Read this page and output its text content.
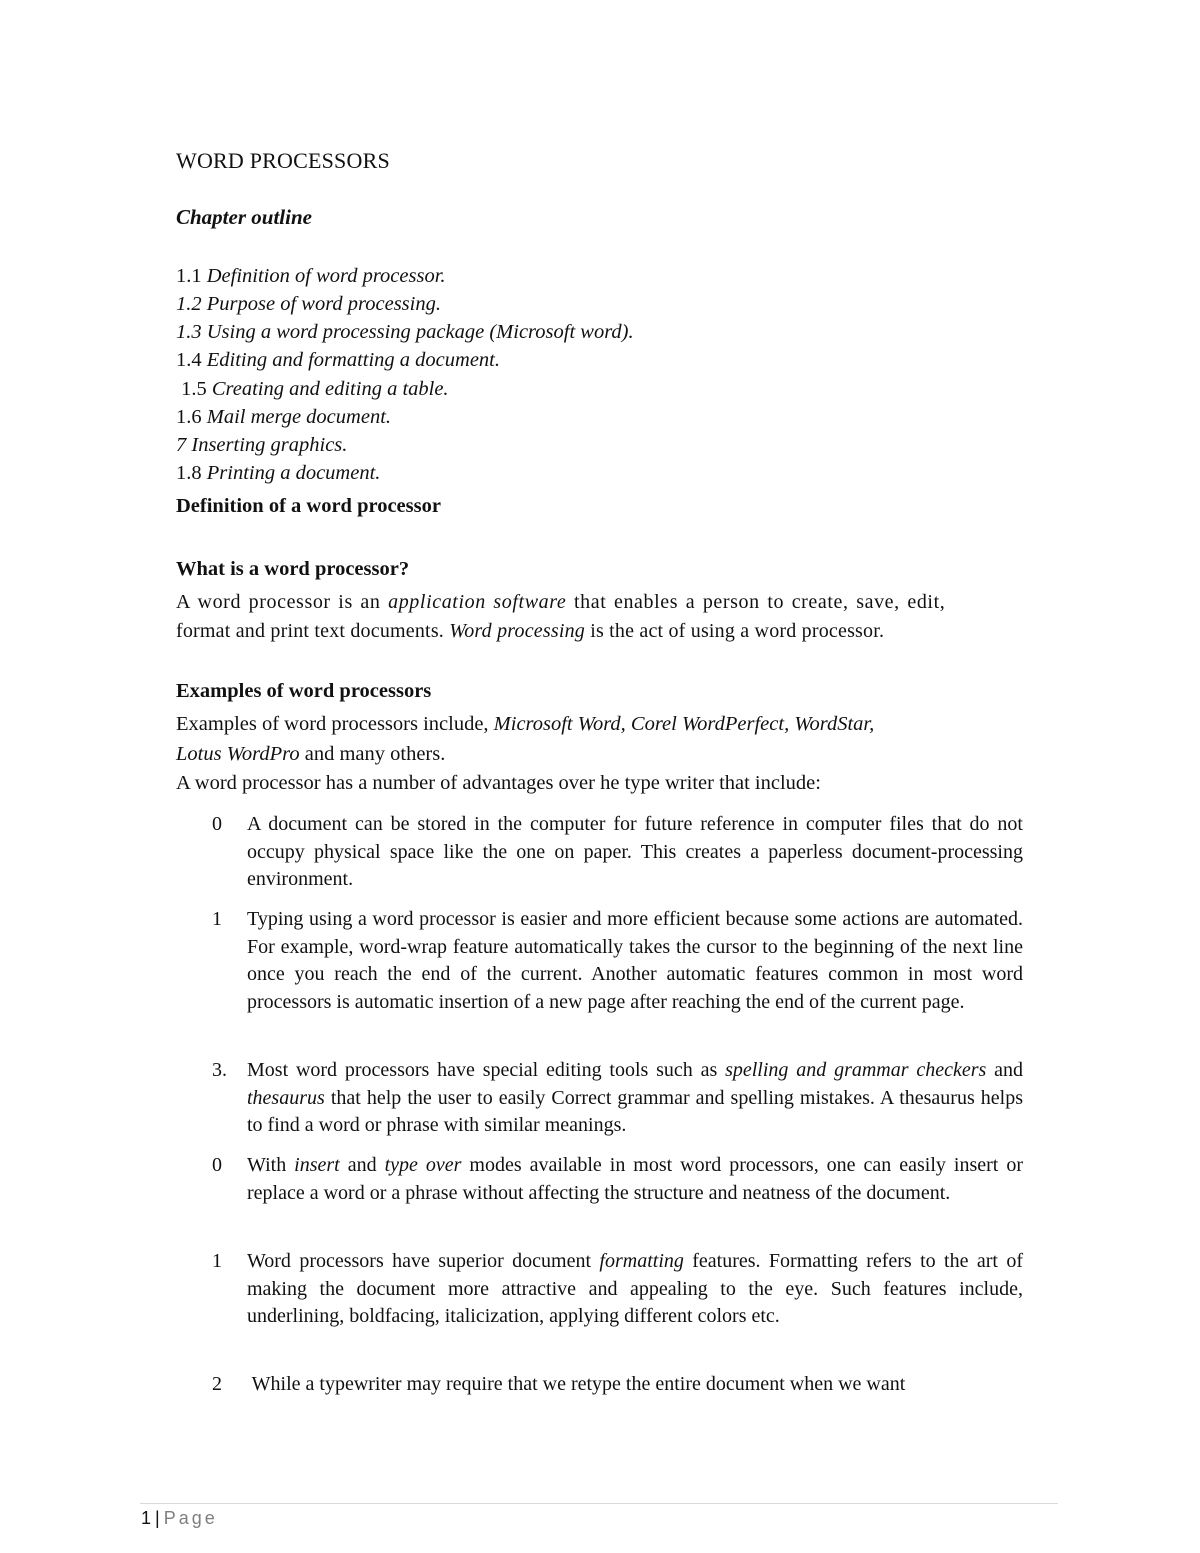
WORD PROCESSORS
Chapter outline
1.1 Definition of word processor.
1.2 Purpose of word processing.
1.3 Using a word processing package (Microsoft word).
1.4 Editing and formatting a document.
1.5 Creating and editing a table.
1.6 Mail merge document.
7 Inserting graphics.
1.8 Printing a document.
Definition of a word processor
What is a word processor?
A word processor is an application software that enables a person to create, save, edit,
format and print text documents. Word processing is the act of using a word processor.
Examples of word processors
Examples of word processors include, Microsoft Word, Corel WordPerfect, WordStar,
Lotus WordPro and many others.
A word processor has a number of advantages over he type writer that include:
0 A document can be stored in the computer for future reference in computer files that do not occupy physical space like the one on paper. This creates a paperless document-processing environment.
1 Typing using a word processor is easier and more efficient because some actions are automated. For example, word-wrap feature automatically takes the cursor to the beginning of the next line once you reach the end of the current. Another automatic features common in most word processors is automatic insertion of a new page after reaching the end of the current page.
3. Most word processors have special editing tools such as spelling and grammar checkers and thesaurus that help the user to easily Correct grammar and spelling mistakes. A thesaurus helps to find a word or phrase with similar meanings.
0 With insert and type over modes available in most word processors, one can easily insert or replace a word or a phrase without affecting the structure and neatness of the document.
1 Word processors have superior document formatting features. Formatting refers to the art of making the document more attractive and appealing to the eye. Such features include, underlining, boldfacing, italicization, applying different colors etc.
2 While a typewriter may require that we retype the entire document when we want
1 | Page
